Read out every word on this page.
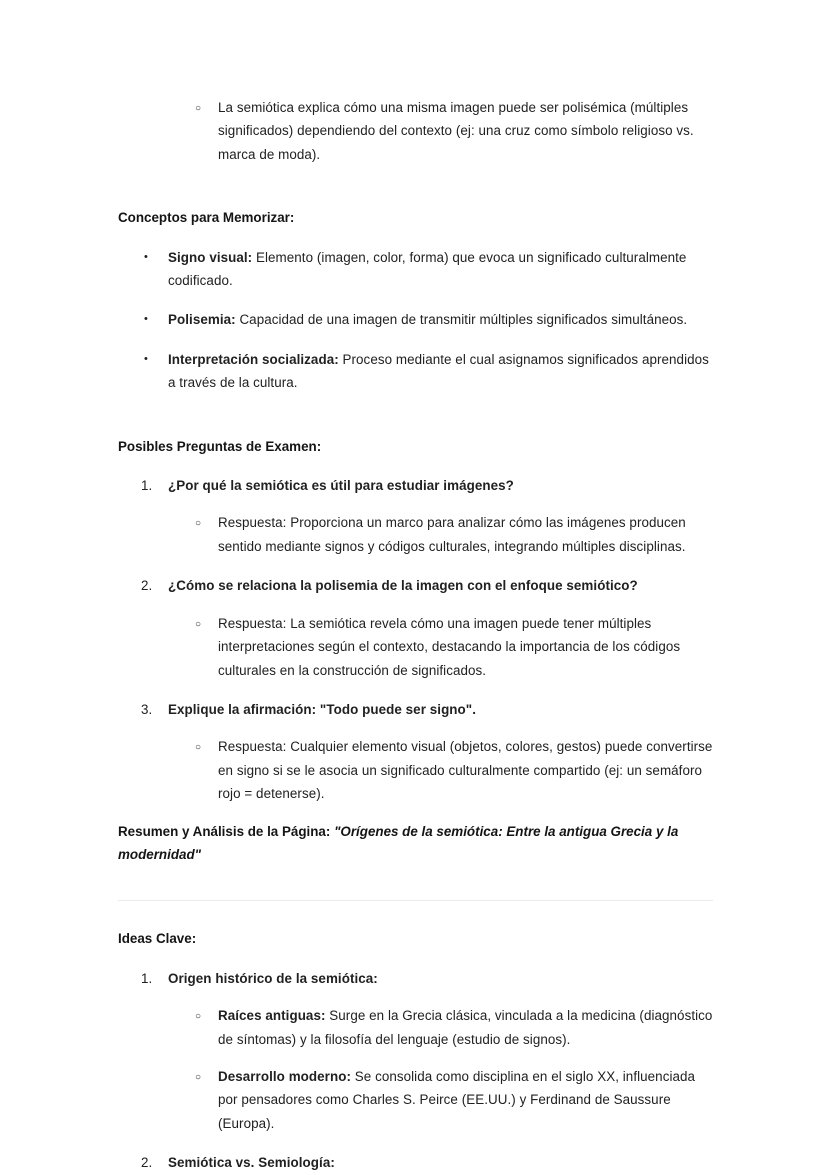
○ La semiótica explica cómo una misma imagen puede ser polisémica (múltiples significados) dependiendo del contexto (ej: una cruz como símbolo religioso vs. marca de moda).
Conceptos para Memorizar:
• Signo visual: Elemento (imagen, color, forma) que evoca un significado culturalmente codificado.
• Polisemia: Capacidad de una imagen de transmitir múltiples significados simultáneos.
• Interpretación socializada: Proceso mediante el cual asignamos significados aprendidos a través de la cultura.
Posibles Preguntas de Examen:
1.	¿Por qué la semiótica es útil para estudiar imágenes?
○ Respuesta: Proporciona un marco para analizar cómo las imágenes producen sentido mediante signos y códigos culturales, integrando múltiples disciplinas.
2.	¿Cómo se relaciona la polisemia de la imagen con el enfoque semiótico?
○ Respuesta: La semiótica revela cómo una imagen puede tener múltiples interpretaciones según el contexto, destacando la importancia de los códigos culturales en la construcción de significados.
3.	Explique la afirmación: "Todo puede ser signo".
○ Respuesta: Cualquier elemento visual (objetos, colores, gestos) puede convertirse en signo si se le asocia un significado culturalmente compartido (ej: un semáforo rojo = detenerse).

Resumen y Análisis de la Página: "Orígenes de la semiótica: Entre la antigua Grecia y la modernidad"

Ideas Clave:
1.	Origen histórico de la semiótica:
○ Raíces antiguas: Surge en la Grecia clásica, vinculada a la medicina (diagnóstico de síntomas) y la filosofía del lenguaje (estudio de signos).
○ Desarrollo moderno: Se consolida como disciplina en el siglo XX, influenciada por pensadores como Charles S. Peirce (EE.UU.) y Ferdinand de Saussure (Europa).
2.	Semiótica vs. Semiología:
